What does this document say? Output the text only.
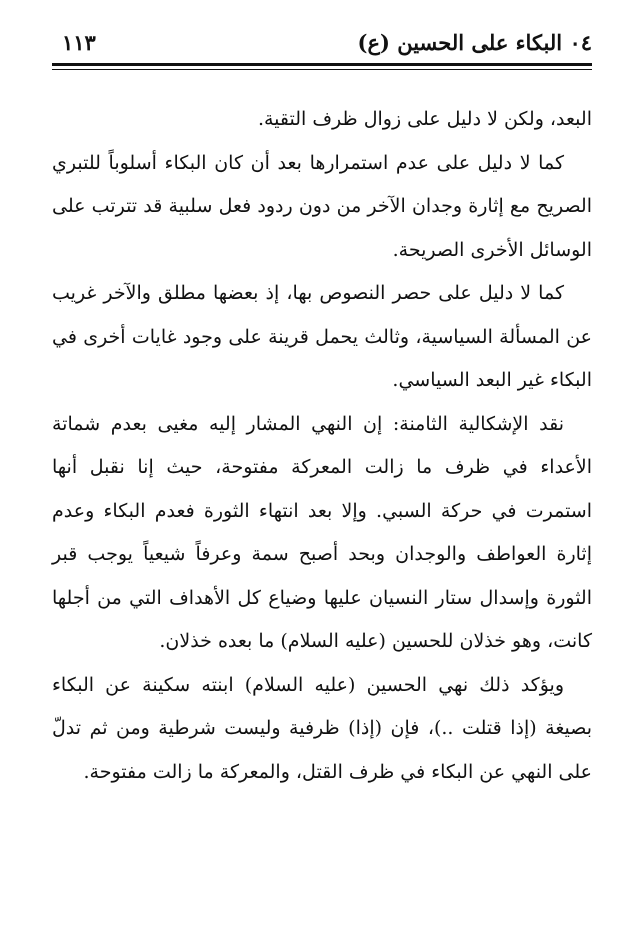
٠٤ البكاء على الحسين (ع)
١١٣

البعد، ولكن لا دليل على زوال ظرف التقية.

كما لا دليل على عدم استمرارها بعد أن كان البكاء أسلوباً للتبري الصريح مع إثارة وجدان الآخر من دون ردود فعل سلبية قد تترتب على الوسائل الأخرى الصريحة.

كما لا دليل على حصر النصوص بها، إذ بعضها مطلق والآخر غريب عن المسألة السياسية، وثالث يحمل قرينة على وجود غايات أخرى في البكاء غير البعد السياسي.

نقد الإشكالية الثامنة: إن النهي المشار إليه مغيى بعدم شماتة الأعداء في ظرف ما زالت المعركة مفتوحة، حيث إنا نقبل أنها استمرت في حركة السبي. وإلا بعد انتهاء الثورة فعدم البكاء وعدم إثارة العواطف والوجدان وبحد أصبح سمة وعرفاً شيعياً يوجب قبر الثورة وإسدال ستار النسيان عليها وضياع كل الأهداف التي من أجلها كانت، وهو خذلان للحسين (عليه السلام) ما بعده خذلان.

ويؤكد ذلك نهي الحسين (عليه السلام) ابنته سكينة عن البكاء بصيغة (إذا قتلت ..)، فإن (إذا) ظرفية وليست شرطية ومن ثم تدلّ على النهي عن البكاء في ظرف القتل، والمعركة ما زالت مفتوحة.
